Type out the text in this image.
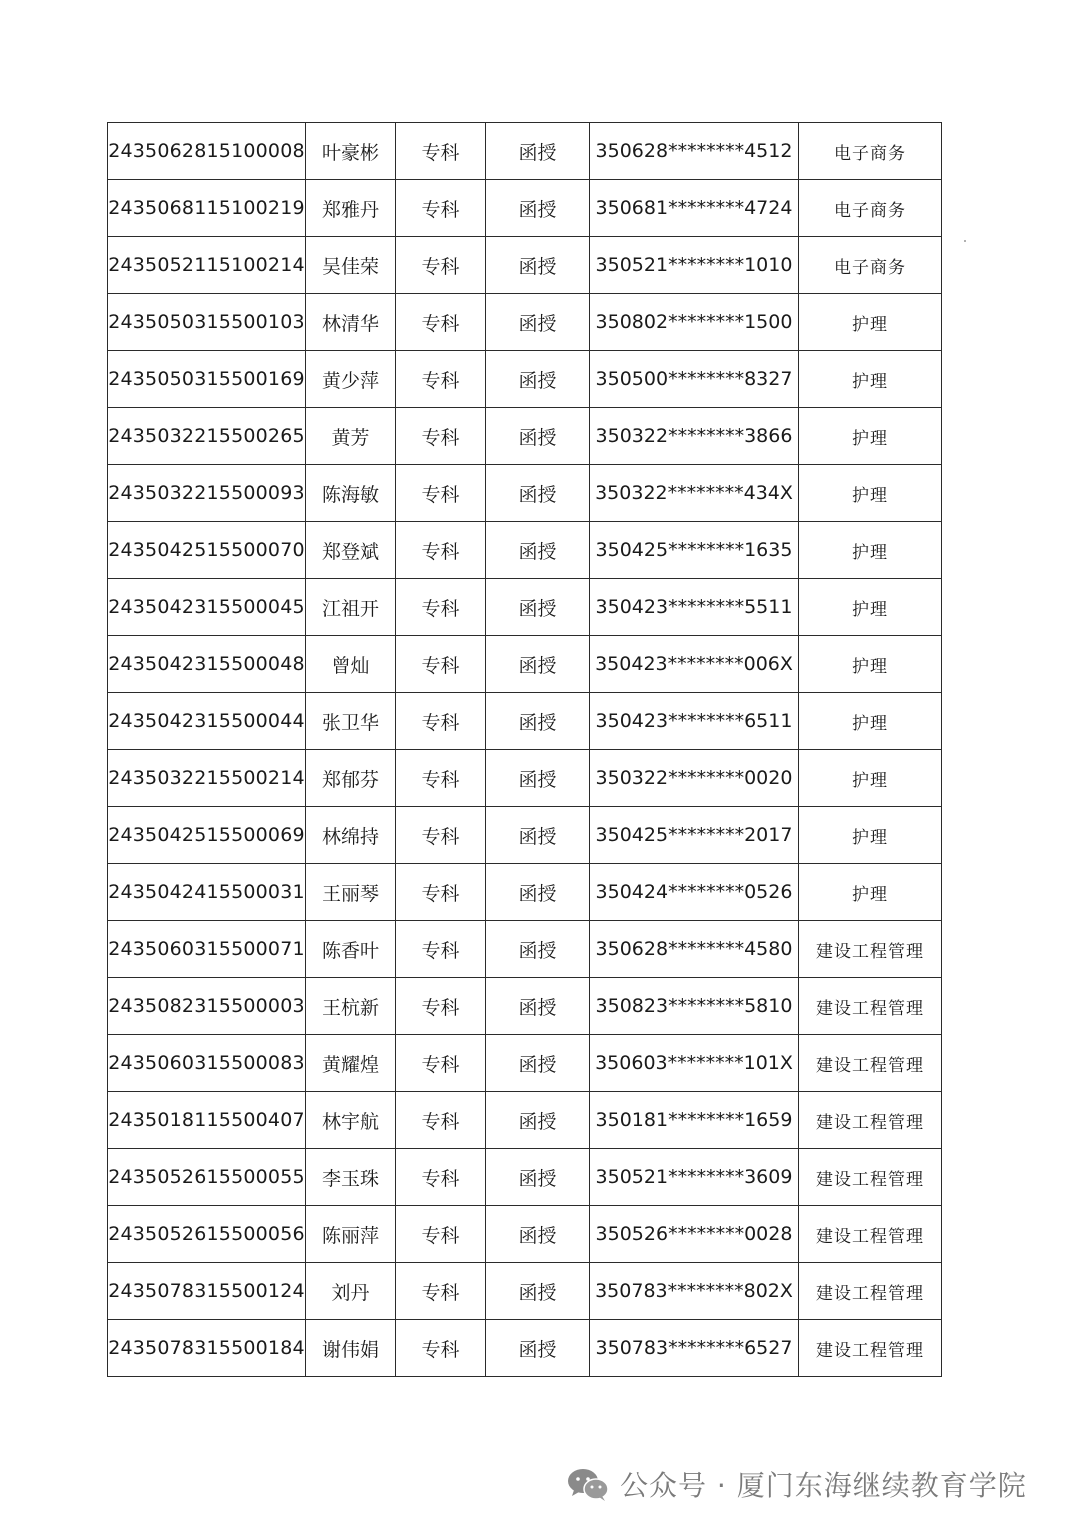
2435062815100008	叶豪彬	专科	函授	350628********4512	电子商务
2435068115100219	郑雅丹	专科	函授	350681********4724	电子商务
2435052115100214	吴佳荣	专科	函授	350521********1010	电子商务
2435050315500103	林清华	专科	函授	350802********1500	护理
2435050315500169	黄少萍	专科	函授	350500********8327	护理
2435032215500265	黄芳	专科	函授	350322********3866	护理
2435032215500093	陈海敏	专科	函授	350322********434X	护理
2435042515500070	郑登斌	专科	函授	350425********1635	护理
2435042315500045	江祖开	专科	函授	350423********5511	护理
2435042315500048	曾灿	专科	函授	350423********006X	护理
2435042315500044	张卫华	专科	函授	350423********6511	护理
2435032215500214	郑郁芬	专科	函授	350322********0020	护理
2435042515500069	林绵持	专科	函授	350425********2017	护理
2435042415500031	王丽琴	专科	函授	350424********0526	护理
2435060315500071	陈香叶	专科	函授	350628********4580	建设工程管理
2435082315500003	王杭新	专科	函授	350823********5810	建设工程管理
2435060315500083	黄耀煌	专科	函授	350603********101X	建设工程管理
2435018115500407	林宇航	专科	函授	350181********1659	建设工程管理
2435052615500055	李玉珠	专科	函授	350521********3609	建设工程管理
2435052615500056	陈丽萍	专科	函授	350526********0028	建设工程管理
2435078315500124	刘丹	专科	函授	350783********802X	建设工程管理
2435078315500184	谢伟娟	专科	函授	350783********6527	建设工程管理
公众号 · 厦门东海继续教育学院
